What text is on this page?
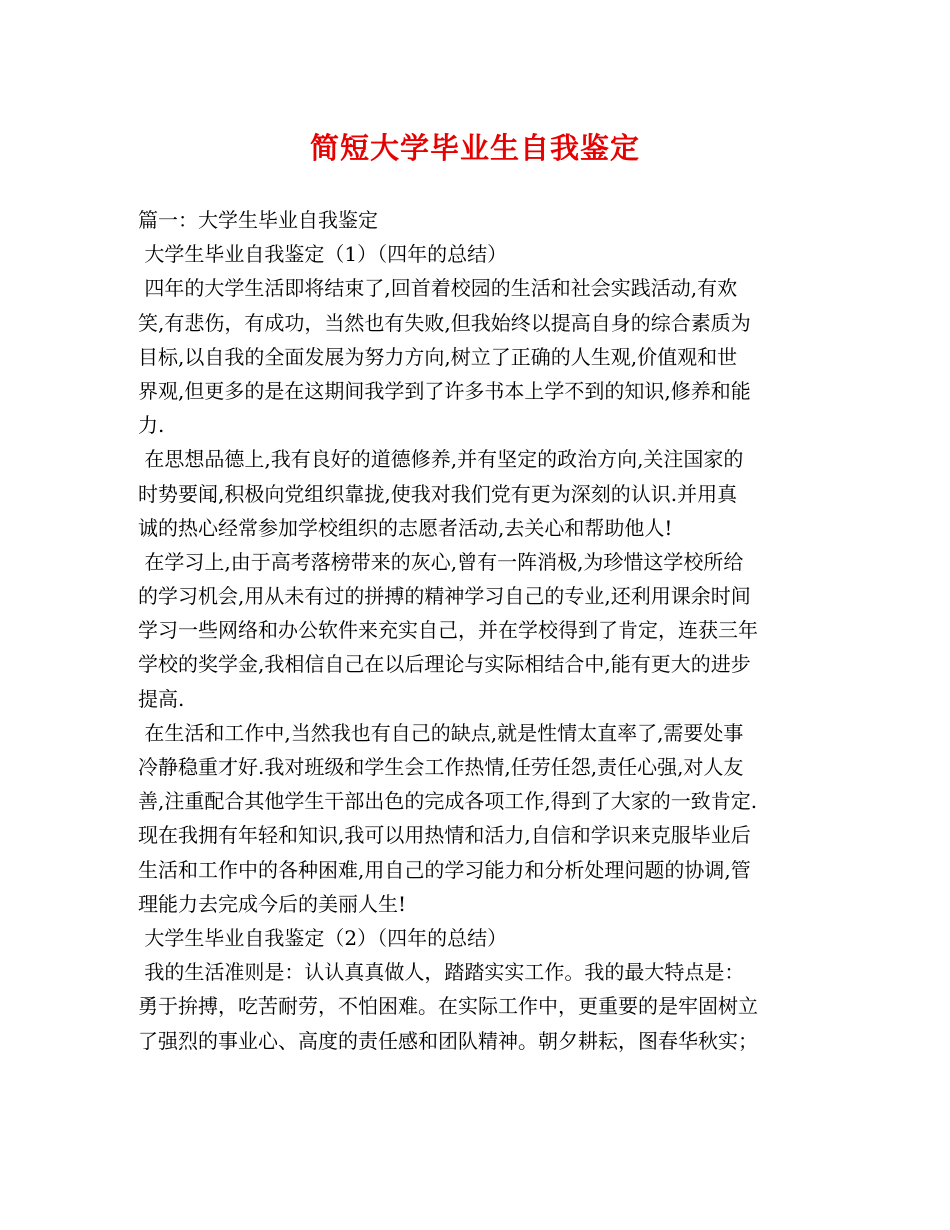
简短大学毕业生自我鉴定
篇一：大学生毕业自我鉴定
大学生毕业自我鉴定（1）（四年的总结）
四年的大学生活即将结束了,回首着校园的生活和社会实践活动,有欢
笑,有悲伤，有成功，当然也有失败,但我始终以提高自身的综合素质为
目标,以自我的全面发展为努力方向,树立了正确的人生观,价值观和世
界观,但更多的是在这期间我学到了许多书本上学不到的知识,修养和能
力.
在思想品德上,我有良好的道德修养,并有坚定的政治方向,关注国家的
时势要闻,积极向党组织靠拢,使我对我们党有更为深刻的认识.并用真
诚的热心经常参加学校组织的志愿者活动,去关心和帮助他人!
在学习上,由于高考落榜带来的灰心,曾有一阵消极,为珍惜这学校所给
的学习机会,用从未有过的拼搏的精神学习自己的专业,还利用课余时间
学习一些网络和办公软件来充实自己，并在学校得到了肯定，连获三年
学校的奖学金,我相信自己在以后理论与实际相结合中,能有更大的进步
提高.
在生活和工作中,当然我也有自己的缺点,就是性情太直率了,需要处事
冷静稳重才好.我对班级和学生会工作热情,任劳任怨,责任心强,对人友
善,注重配合其他学生干部出色的完成各项工作,得到了大家的一致肯定.
现在我拥有年轻和知识,我可以用热情和活力,自信和学识来克服毕业后
生活和工作中的各种困难,用自己的学习能力和分析处理问题的协调,管
理能力去完成今后的美丽人生!
大学生毕业自我鉴定（2）（四年的总结）
我的生活准则是：认认真真做人，踏踏实实工作。我的最大特点是：
勇于拚搏，吃苦耐劳，不怕困难。在实际工作中，更重要的是牢固树立
了强烈的事业心、高度的责任感和团队精神。朝夕耕耘，图春华秋实；
